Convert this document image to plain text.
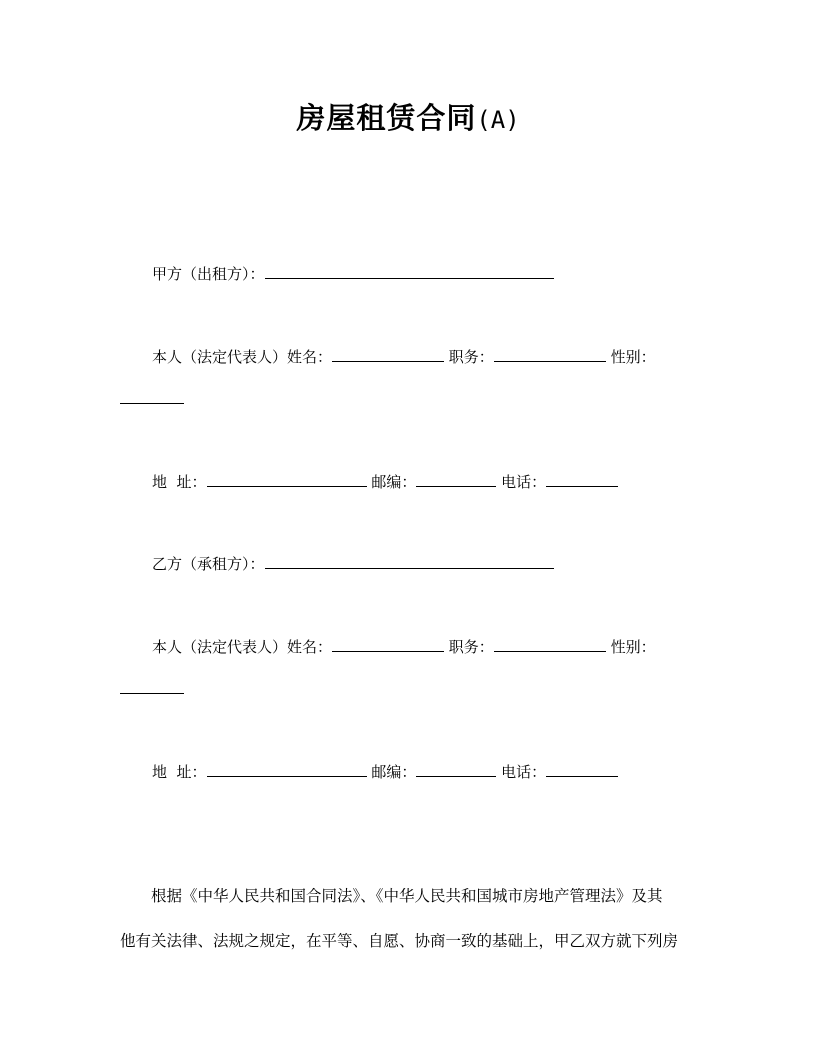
房屋租赁合同(A)
甲方（出租方）：
本人（法定代表人）姓名：	职务：	性别：
地  址：	邮编：	电话：
乙方（承租方）：
本人（法定代表人）姓名：	职务：	性别：
地  址：	邮编：	电话：
根据《中华人民共和国合同法》、《中华人民共和国城市房地产管理法》及其
他有关法律、法规之规定，在平等、自愿、协商一致的基础上，甲乙双方就下列房
